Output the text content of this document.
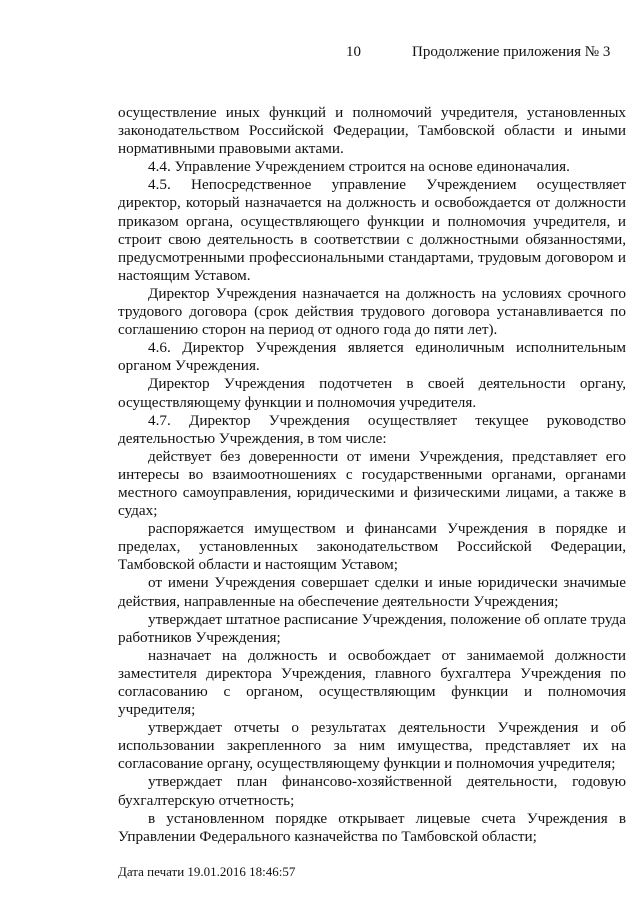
10	Продолжение приложения № 3

осуществление иных функций и полномочий учредителя, установленных законодательством Российской Федерации, Тамбовской области и иными нормативными правовыми актами.

4.4. Управление Учреждением строится на основе единоначалия.

4.5. Непосредственное управление Учреждением осуществляет директор, который назначается на должность и освобождается от должности приказом органа, осуществляющего функции и полномочия учредителя, и строит свою деятельность в соответствии с должностными обязанностями, предусмотренными профессиональными стандартами, трудовым договором и настоящим Уставом.

Директор Учреждения назначается на должность на условиях срочного трудового договора (срок действия трудового договора устанавливается по соглашению сторон на период от одного года до пяти лет).

4.6. Директор Учреждения является единоличным исполнительным органом Учреждения.

Директор Учреждения подотчетен в своей деятельности органу, осуществляющему функции и полномочия учредителя.

4.7. Директор Учреждения осуществляет текущее руководство деятельностью Учреждения, в том числе:

действует без доверенности от имени Учреждения, представляет его интересы во взаимоотношениях с государственными органами, органами местного самоуправления, юридическими и физическими лицами, а также в судах;

распоряжается имуществом и финансами Учреждения в порядке и пределах, установленных законодательством Российской Федерации, Тамбовской области и настоящим Уставом;

от имени Учреждения совершает сделки и иные юридически значимые действия, направленные на обеспечение деятельности Учреждения;

утверждает штатное расписание Учреждения, положение об оплате труда работников Учреждения;

назначает на должность и освобождает от занимаемой должности заместителя директора Учреждения, главного бухгалтера Учреждения по согласованию с органом, осуществляющим функции и полномочия учредителя;

утверждает отчеты о результатах деятельности Учреждения и об использовании закрепленного за ним имущества, представляет их на согласование органу, осуществляющему функции и полномочия учредителя;

утверждает план финансово-хозяйственной деятельности, годовую бухгалтерскую отчетность;

в установленном порядке открывает лицевые счета Учреждения в Управлении Федерального казначейства по Тамбовской области;

Дата печати 19.01.2016 18:46:57
